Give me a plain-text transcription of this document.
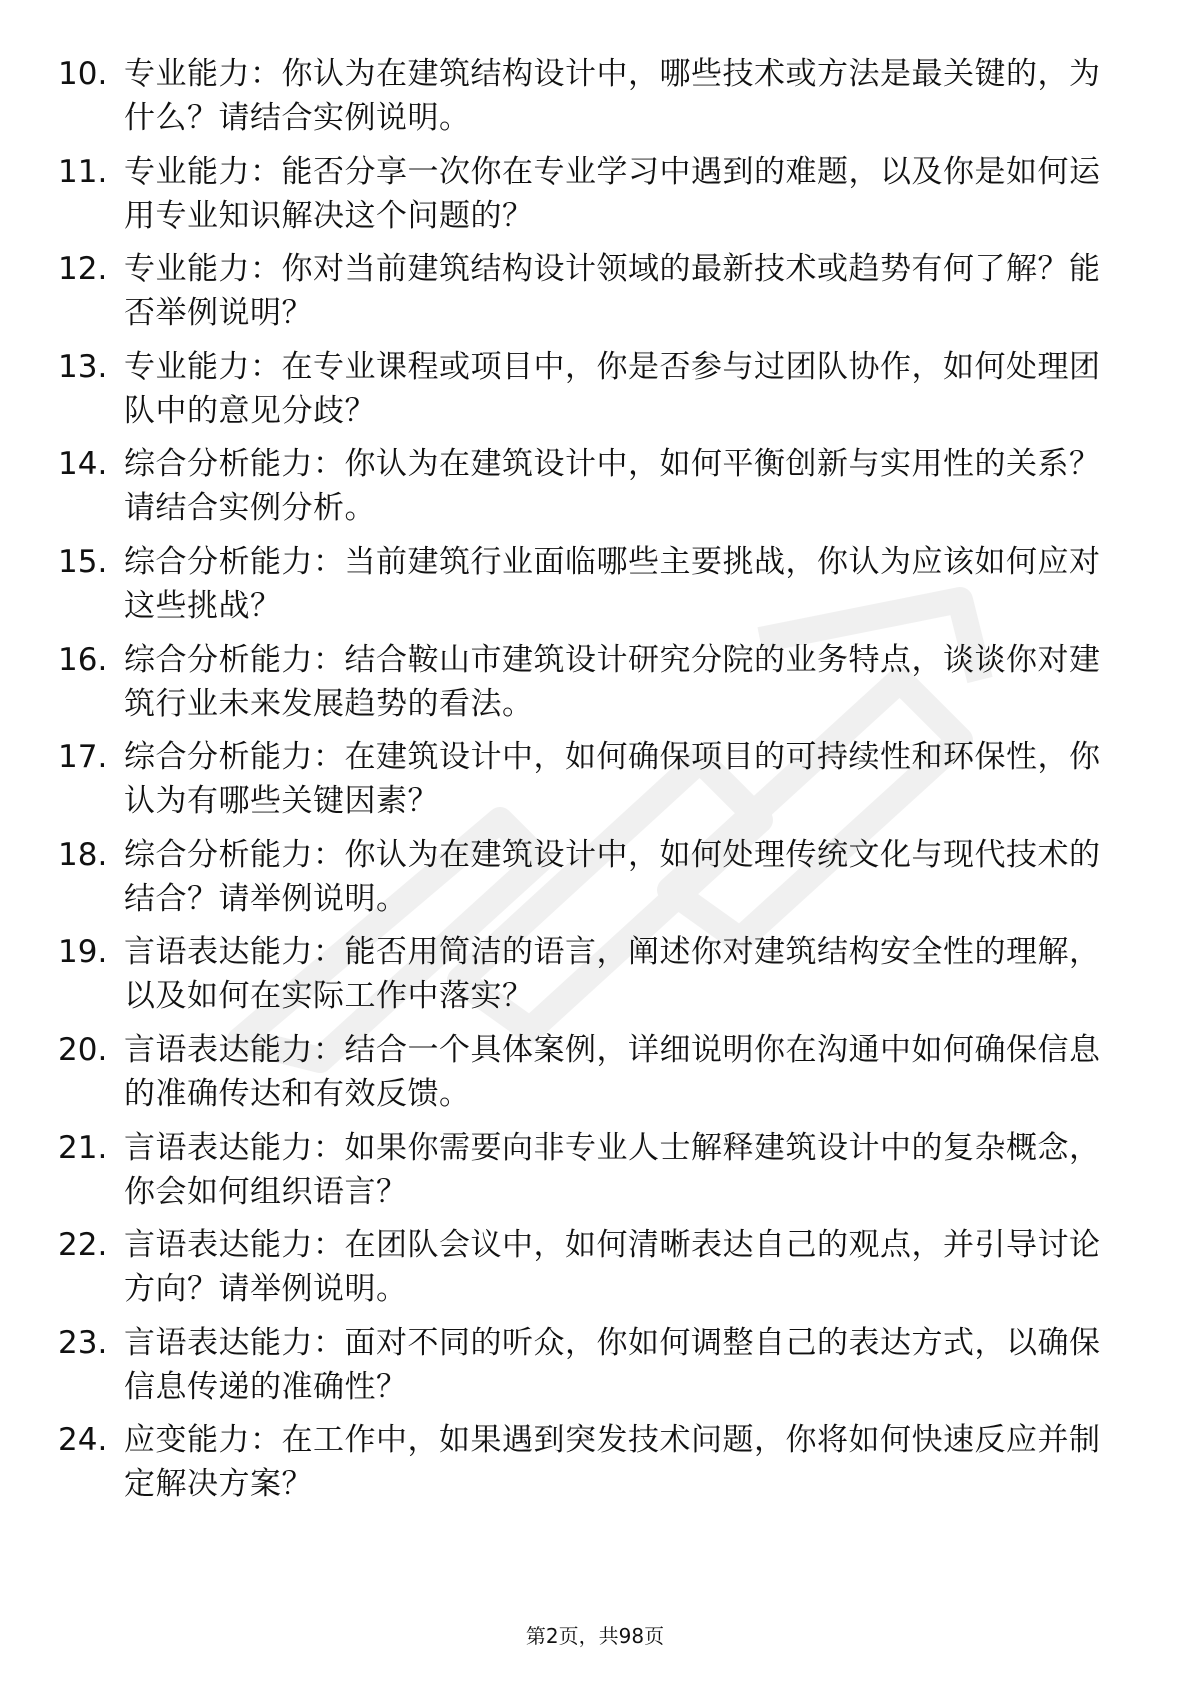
10. 专业能力：你认为在建筑结构设计中，哪些技术或方法是最关键的，为什么？请结合实例说明。
11. 专业能力：能否分享一次你在专业学习中遇到的难题，以及你是如何运用专业知识解决这个问题的？
12. 专业能力：你对当前建筑结构设计领域的最新技术或趋势有何了解？能否举例说明？
13. 专业能力：在专业课程或项目中，你是否参与过团队协作，如何处理团队中的意见分歧？
14. 综合分析能力：你认为在建筑设计中，如何平衡创新与实用性的关系？请结合实例分析。
15. 综合分析能力：当前建筑行业面临哪些主要挑战，你认为应该如何应对这些挑战？
16. 综合分析能力：结合鞍山市建筑设计研究分院的业务特点，谈谈你对建筑行业未来发展趋势的看法。
17. 综合分析能力：在建筑设计中，如何确保项目的可持续性和环保性，你认为有哪些关键因素？
18. 综合分析能力：你认为在建筑设计中，如何处理传统文化与现代技术的结合？请举例说明。
19. 言语表达能力：能否用简洁的语言，阐述你对建筑结构安全性的理解，以及如何在实际工作中落实？
20. 言语表达能力：结合一个具体案例，详细说明你在沟通中如何确保信息的准确传达和有效反馈。
21. 言语表达能力：如果你需要向非专业人士解释建筑设计中的复杂概念，你会如何组织语言？
22. 言语表达能力：在团队会议中，如何清晰表达自己的观点，并引导讨论方向？请举例说明。
23. 言语表达能力：面对不同的听众，你如何调整自己的表达方式，以确保信息传递的准确性？
24. 应变能力：在工作中，如果遇到突发技术问题，你将如何快速反应并制定解决方案？
第2页，共98页
